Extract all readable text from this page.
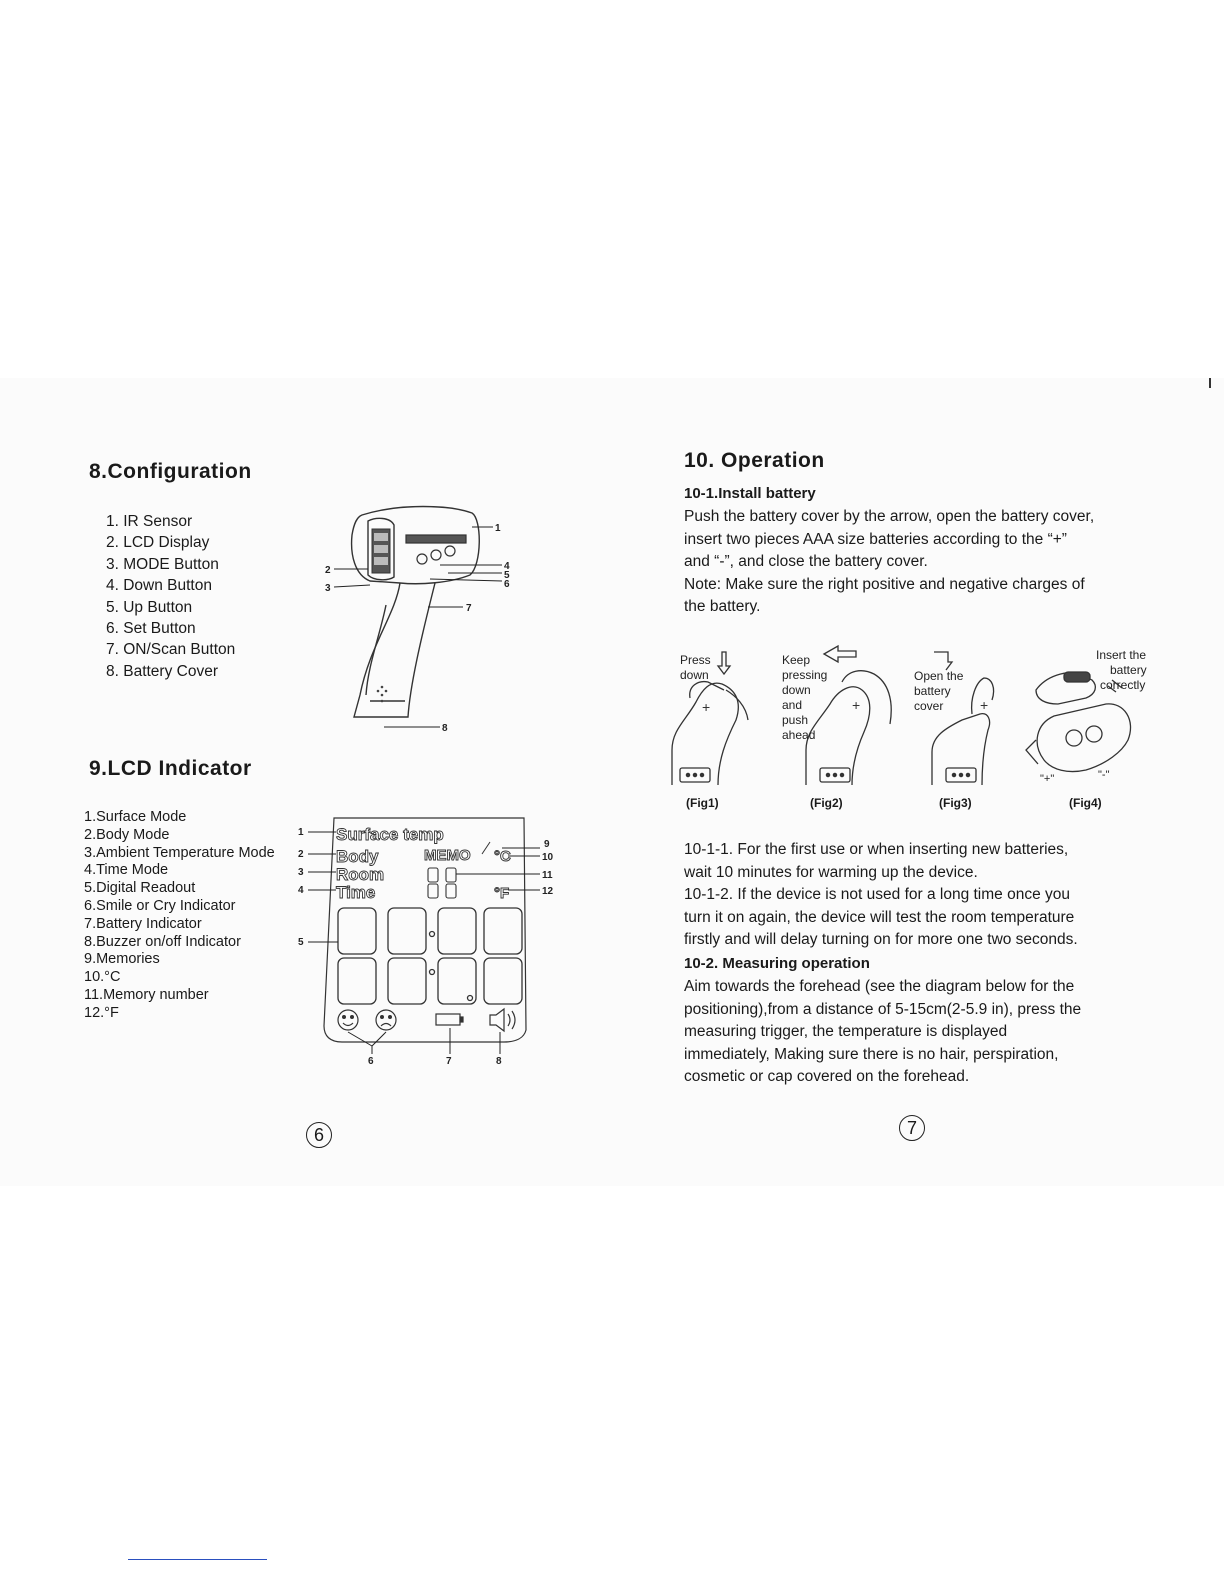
8.Configuration
1. IR Sensor
2. LCD Display
3. MODE Button
4. Down Button
5. Up Button
6. Set Button
7. ON/Scan Button
8. Battery Cover
1
2
3
4
5
6
7
8
9.LCD Indicator
1.Surface Mode
2.Body Mode
3.Ambient Temperature Mode
4.Time Mode
5.Digital Readout
6.Smile or Cry Indicator
7.Battery Indicator
8.Buzzer on/off Indicator
9.Memories
10.°C
11.Memory number
12.°F
Surface temp
Body
Room
Time
MEMO °C
°F
1
2
3
4
5
6	7	8
9
10
11
12
6
10. Operation

10-1.Install battery

Push the battery cover by the arrow, open the battery cover,

insert two pieces AAA size batteries according to the “+”

and “-”, and close the battery cover.

Note: Make sure the right positive and negative charges of

the battery.

+	+	+
Press
down
Keep
pressing
down
and
push
ahead
Open the
battery
cover
Insert the
battery
correctly
"+"	"-"
(Fig1)	(Fig2)	(Fig3)	(Fig4)

10-1-1. For the first use or when inserting new batteries,

wait 10 minutes for warming up the device.

10-1-2. If the device is not used for a long time once you

turn it on again, the device will test the room temperature

firstly and will delay turning on for more one two seconds.

10-2. Measuring operation

Aim towards the forehead (see the diagram below for the

positioning),from a distance of 5-15cm(2-5.9 in), press the

measuring trigger, the temperature is displayed

immediately, Making sure there is no hair, perspiration,

cosmetic or cap covered on the forehead.

7
